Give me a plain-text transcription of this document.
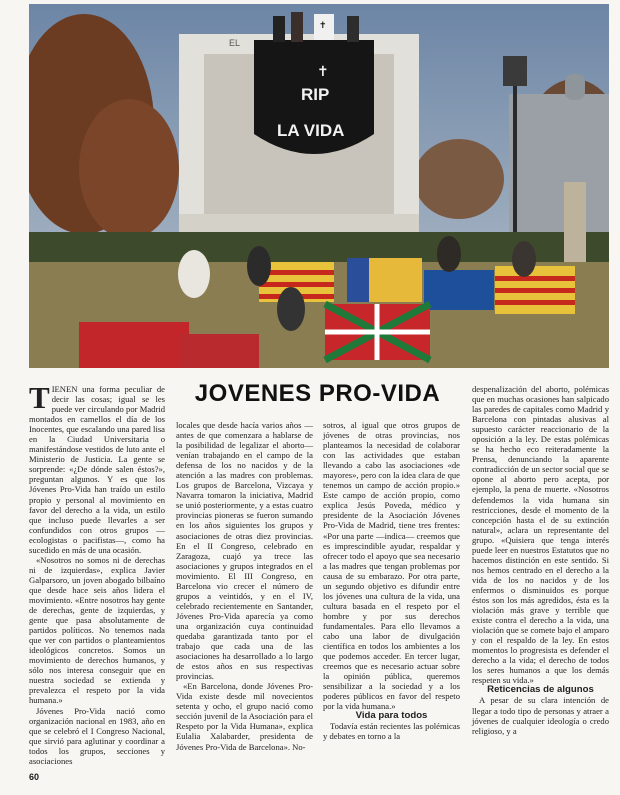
EL
✝
✝
RIP
LA VIDA
JOVENES PRO-VIDA

TIENEN una forma peculiar de decir las cosas; igual se les puede ver circulando por Madrid montados en camellos el día de los Inocentes, que escalando una pared lisa en la Ciudad Universitaria o manifestándose vestidos de luto ante el Ministerio de Justicia. La gente se sorprende: «¿De dónde salen éstos?», preguntan algunos. Y es que los Jóvenes Pro-Vida han traído un estilo propio y personal al movimiento en favor del derecho a la vida, un estilo que incluso puede llevarles a ser confundidos con otros grupos —ecologistas o pacifistas—, como ha sucedido en más de una ocasión.

«Nosotros no somos ni de derechas ni de izquierdas», explica Javier Galparsoro, un joven abogado bilbaíno que desde hace seis años lidera el movimiento. «Entre nosotros hay gente de derechas, gente de izquierdas, y gente que pasa absolutamente de partidos políticos. No tenemos nada que ver con partidos o planteamientos ideológicos concretos. Somos un movimiento de derechos humanos, y sólo nos interesa conseguir que en nuestra sociedad se extienda y prevalezca el respeto por la vida humana.»

Jóvenes Pro-Vida nació como organización nacional en 1983, año en que se celebró el I Congreso Nacional, que sirvió para aglutinar y coordinar a todos los grupos, secciones y asociaciones

locales que desde hacía varios años —antes de que comenzara a hablarse de la posibilidad de legalizar el aborto— venían trabajando en el campo de la defensa de los no nacidos y de la atención a las madres con problemas. Los grupos de Barcelona, Vizcaya y Navarra tomaron la iniciativa, Madrid se unió posteriormente, y a estas cuatro provincias pioneras se fueron sumando en los años siguientes los grupos y asociaciones de otras diez provincias. En el II Congreso, celebrado en Zaragoza, cuajó ya trece las asociaciones y grupos integrados en el movimiento. El III Congreso, en Barcelona vio crecer el número de grupos a veintidós, y en el IV, celebrado recientemente en Santander, Jóvenes Pro-Vida aparecía ya como una organización cuya continuidad quedaba garantizada tanto por el trabajo que cada una de las asociaciones ha desarrollado a lo largo de estos años en sus respectivas provincias.

«En Barcelona, donde Jóvenes Pro-Vida existe desde mil novecientos setenta y ocho, el grupo nació como sección juvenil de la Asociación para el Respeto por la Vida Humana», explica Eulalia Xalabarder, presidenta de Jóvenes Pro-Vida de Barcelona». No-

sotros, al igual que otros grupos de jóvenes de otras provincias, nos planteamos la necesidad de colaborar con las actividades que estaban llevando a cabo las asociaciones «de mayores», pero con la idea clara de que tenemos un campo de acción propio.» Este campo de acción propio, como explica Jesús Poveda, médico y presidente de la Asociación Jóvenes Pro-Vida de Madrid, tiene tres frentes: «Por una parte —indica— creemos que es imprescindible ayudar, respaldar y ofrecer todo el apoyo que sea necesario a las madres que tengan problemas por causa de su embarazo. Por otra parte, un segundo objetivo es difundir entre los jóvenes una cultura de la vida, una cultura basada en el respeto por el hombre y por sus derechos fundamentales. Para ello llevamos a cabo una labor de divulgación científica en todos los ambientes a los que podemos acceder. En tercer lugar, creemos que es necesario actuar sobre la opinión pública, queremos sensibilizar a la sociedad y a los poderes públicos en favor del respeto por la vida humana.»

Vida para todos

Todavía están recientes las polémicas y debates en torno a la

despenalización del aborto, polémicas que en muchas ocasiones han salpicado las paredes de capitales como Madrid y Barcelona con pintadas alusivas al supuesto carácter reaccionario de la oposición a la ley. De estas polémicas se ha hecho eco reiteradamente la Prensa, denunciando la aparente contradicción de un sector social que se opone al aborto pero acepta, por ejemplo, la pena de muerte. «Nosotros defendemos la vida humana sin restricciones, desde el momento de la concepción hasta el de su extinción natural», aclara un representante del grupo. «Quisiera que tenga interés puede leer en nuestros Estatutos que no hacemos distinción en este sentido. Si nos hemos centrado en el derecho a la vida de los no nacidos y de los enfermos o disminuidos es porque éstos son los más agredidos, ésta es la violación más grave y terrible que existe contra el derecho a la vida, una violación que se comete bajo el amparo y con el respaldo de la ley. En estos momentos lo progresista es defender el derecho a la vida; el derecho de todos los seres humanos a que los demás respeten su vida.»

Reticencias de algunos

A pesar de su clara intención de llegar a todo tipo de personas y atraer a jóvenes de cualquier ideología o credo religioso, y a

60
